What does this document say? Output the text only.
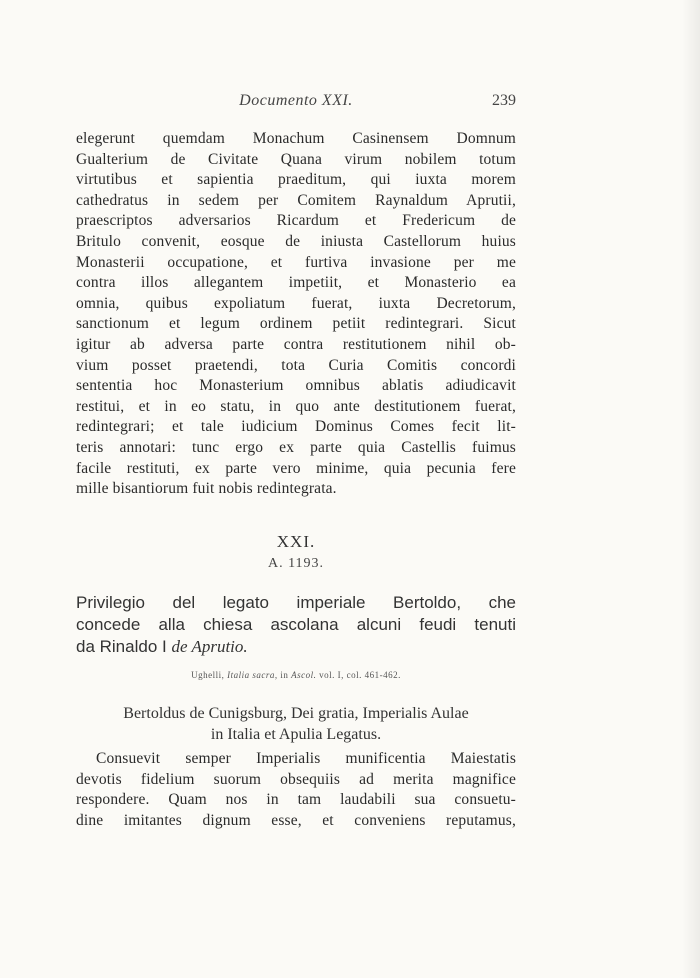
Documento XXI.	239
elegerunt quemdam Monachum Casinensem Domnum
Gualterium de Civitate Quana virum nobilem totum
virtutibus et sapientia praeditum, qui iuxta morem
cathedratus in sedem per Comitem Raynaldum Aprutii,
praescriptos adversarios Ricardum et Fredericum de
Britulo convenit, eosque de iniusta Castellorum huius
Monasterii occupatione, et furtiva invasione per me
contra illos allegantem impetiit, et Monasterio ea
omnia, quibus expoliatum fuerat, iuxta Decretorum,
sanctionum et legum ordinem petiit redintegrari. Sicut
igitur ab adversa parte contra restitutionem nihil ob-
vium posset praetendi, tota Curia Comitis concordi
sententia hoc Monasterium omnibus ablatis adiudicavit
restitui, et in eo statu, in quo ante destitutionem fuerat,
redintegrari; et tale iudicium Dominus Comes fecit lit-
teris annotari: tunc ergo ex parte quia Castellis fuimus
facile restituti, ex parte vero minime, quia pecunia fere
mille bisantiorum fuit nobis redintegrata.
XXI.
A. 1193.
Privilegio del legato imperiale Bertoldo, che
concede alla chiesa ascolana alcuni feudi tenuti
da Rinaldo I de Aprutio.
Ughelli, Italia sacra, in Ascol. vol. I, col. 461-462.
Bertoldus de Cunigsburg, Dei gratia, Imperialis Aulae
in Italia et Apulia Legatus.
Consuevit semper Imperialis munificentia Maiestatis
devotis fidelium suorum obsequiis ad merita magnifice
respondere. Quam nos in tam laudabili sua consuetu-
dine imitantes dignum esse, et conveniens reputamus,
